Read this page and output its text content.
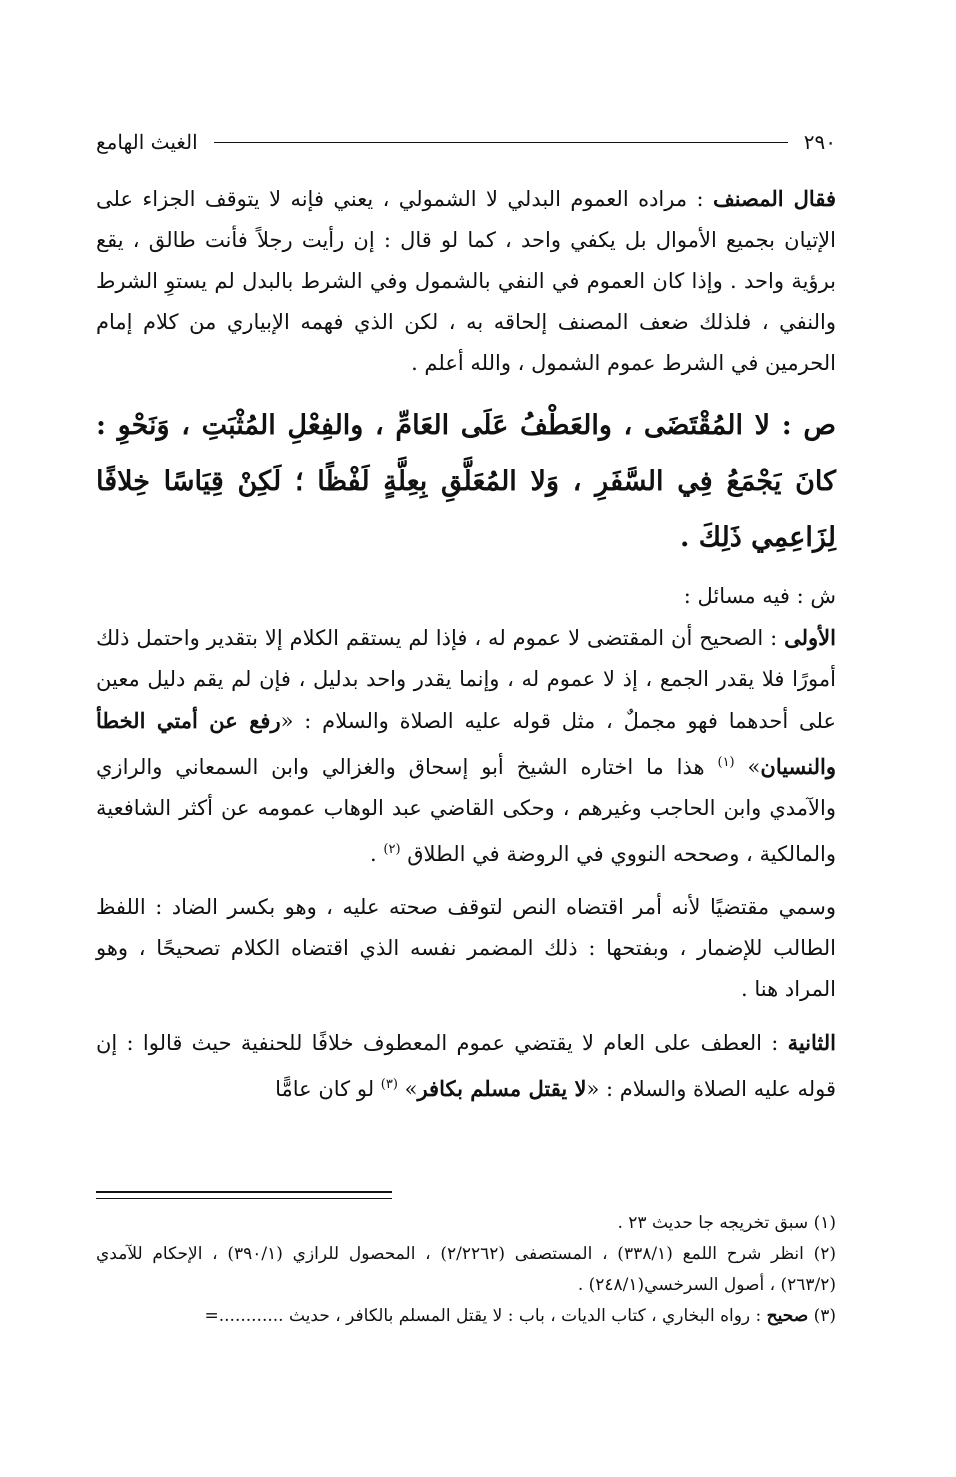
٢٩٠
الغيث الهامع

فقال المصنف : مراده العموم البدلي لا الشمولي ، يعني فإنه لا يتوقف الجزاء على الإتيان بجميع الأموال بل يكفي واحد ، كما لو قال : إن رأيت رجلاً فأنت طالق ، يقع برؤية واحد . وإذا كان العموم في النفي بالشمول وفي الشرط بالبدل لم يستوِ الشرط والنفي ، فلذلك ضعف المصنف إلحاقه به ، لكن الذي فهمه الإبياري من كلام إمام الحرمين في الشرط عموم الشمول ، والله أعلم .

ص : لا المُقْتَضَى ، والعَطْفُ عَلَى العَامِّ ، والفِعْلِ المُثْبَتِ ، وَنَحْوِ : كانَ يَجْمَعُ فِي السَّفَرِ ، وَلا المُعَلَّقِ بِعِلَّةٍ لَفْظًا ؛ لَكِنْ قِيَاسًا خِلافًا لِزَاعِمِي ذَلِكَ .

ش : فيه مسائل :

الأولى : الصحيح أن المقتضى لا عموم له ، فإذا لم يستقم الكلام إلا بتقدير واحتمل ذلك أمورًا فلا يقدر الجمع ، إذ لا عموم له ، وإنما يقدر واحد بدليل ، فإن لم يقم دليل معين على أحدهما فهو مجملٌ ، مثل قوله عليه الصلاة والسلام : «رفع عن أمتي الخطأ والنسيان» $^{(١)}$ هذا ما اختاره الشيخ أبو إسحاق والغزالي وابن السمعاني والرازي والآمدي وابن الحاجب وغيرهم ، وحكى القاضي عبد الوهاب عمومه عن أكثر الشافعية والمالكية ، وصححه النووي في الروضة في الطلاق $^{(٢)}$ .

وسمي مقتضيًا لأنه أمر اقتضاه النص لتوقف صحته عليه ، وهو بكسر الضاد : اللفظ الطالب للإضمار ، وبفتحها : ذلك المضمر نفسه الذي اقتضاه الكلام تصحيحًا ، وهو المراد هنا .

الثانية : العطف على العام لا يقتضي عموم المعطوف خلافًا للحنفية حيث قالوا : إن قوله عليه الصلاة والسلام : «لا يقتل مسلم بكافر» $^{(٣)}$ لو كان عامًّا

(١) سبق تخريجه جا حديث ٢٣ .

(٢) انظر شرح اللمع (٣٣٨/١) ، المستصفى (٢/٢٢٦٢) ، المحصول للرازي (٣٩٠/١) ، الإحكام للآمدي (٢٦٣/٢) ، أصول السرخسي(٢٤٨/١) .

(٣) صحيح : رواه البخاري ، كتاب الديات ، باب : لا يقتل المسلم بالكافر ، حديث ............=
